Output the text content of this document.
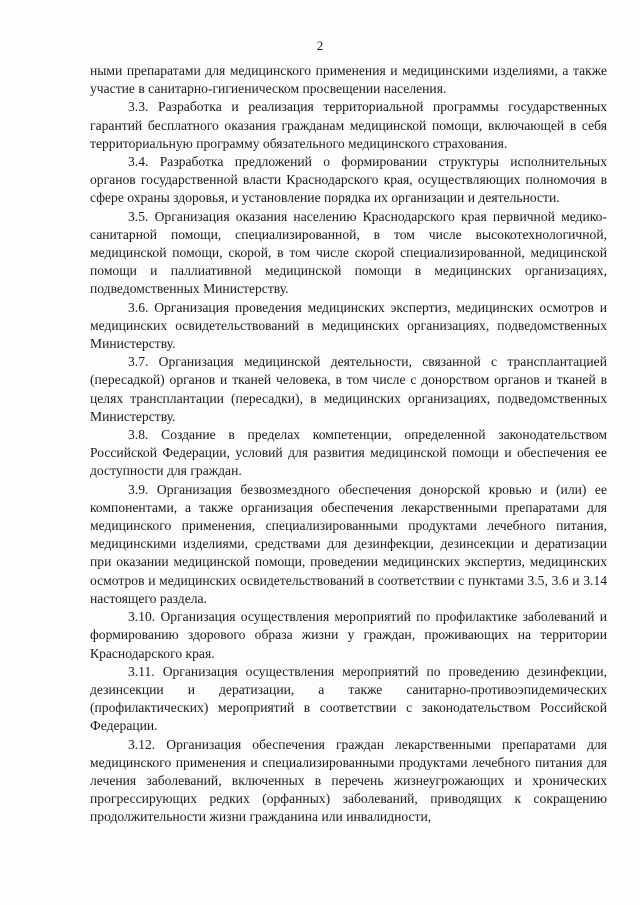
2

ными препаратами для медицинского применения и медицинскими изделиями, а также участие в санитарно-гигиеническом просвещении населения.

3.3. Разработка и реализация территориальной программы государственных гарантий бесплатного оказания гражданам медицинской помощи, включающей в себя территориальную программу обязательного медицинского страхования.

3.4. Разработка предложений о формировании структуры исполнительных органов государственной власти Краснодарского края, осуществляющих полномочия в сфере охраны здоровья, и установление порядка их организации и деятельности.

3.5. Организация оказания населению Краснодарского края первичной медико-санитарной помощи, специализированной, в том числе высокотехнологичной, медицинской помощи, скорой, в том числе скорой специализированной, медицинской помощи и паллиативной медицинской помощи в медицинских организациях, подведомственных Министерству.

3.6. Организация проведения медицинских экспертиз, медицинских осмотров и медицинских освидетельствований в медицинских организациях, подведомственных Министерству.

3.7. Организация медицинской деятельности, связанной с трансплантацией (пересадкой) органов и тканей человека, в том числе с донорством органов и тканей в целях трансплантации (пересадки), в медицинских организациях, подведомственных Министерству.

3.8. Создание в пределах компетенции, определенной законодательством Российской Федерации, условий для развития медицинской помощи и обеспечения ее доступности для граждан.

3.9. Организация безвозмездного обеспечения донорской кровью и (или) ее компонентами, а также организация обеспечения лекарственными препаратами для медицинского применения, специализированными продуктами лечебного питания, медицинскими изделиями, средствами для дезинфекции, дезинсекции и дератизации при оказании медицинской помощи, проведении медицинских экспертиз, медицинских осмотров и медицинских освидетельствований в соответствии с пунктами 3.5, 3.6 и 3.14 настоящего раздела.

3.10. Организация осуществления мероприятий по профилактике заболеваний и формированию здорового образа жизни у граждан, проживающих на территории Краснодарского края.

3.11. Организация осуществления мероприятий по проведению дезинфекции, дезинсекции и дератизации, а также санитарно-противоэпидемических (профилактических) мероприятий в соответствии с законодательством Российской Федерации.

3.12. Организация обеспечения граждан лекарственными препаратами для медицинского применения и специализированными продуктами лечебного питания для лечения заболеваний, включенных в перечень жизнеугрожающих и хронических прогрессирующих редких (орфанных) заболеваний, приводящих к сокращению продолжительности жизни гражданина или инвалидности,
